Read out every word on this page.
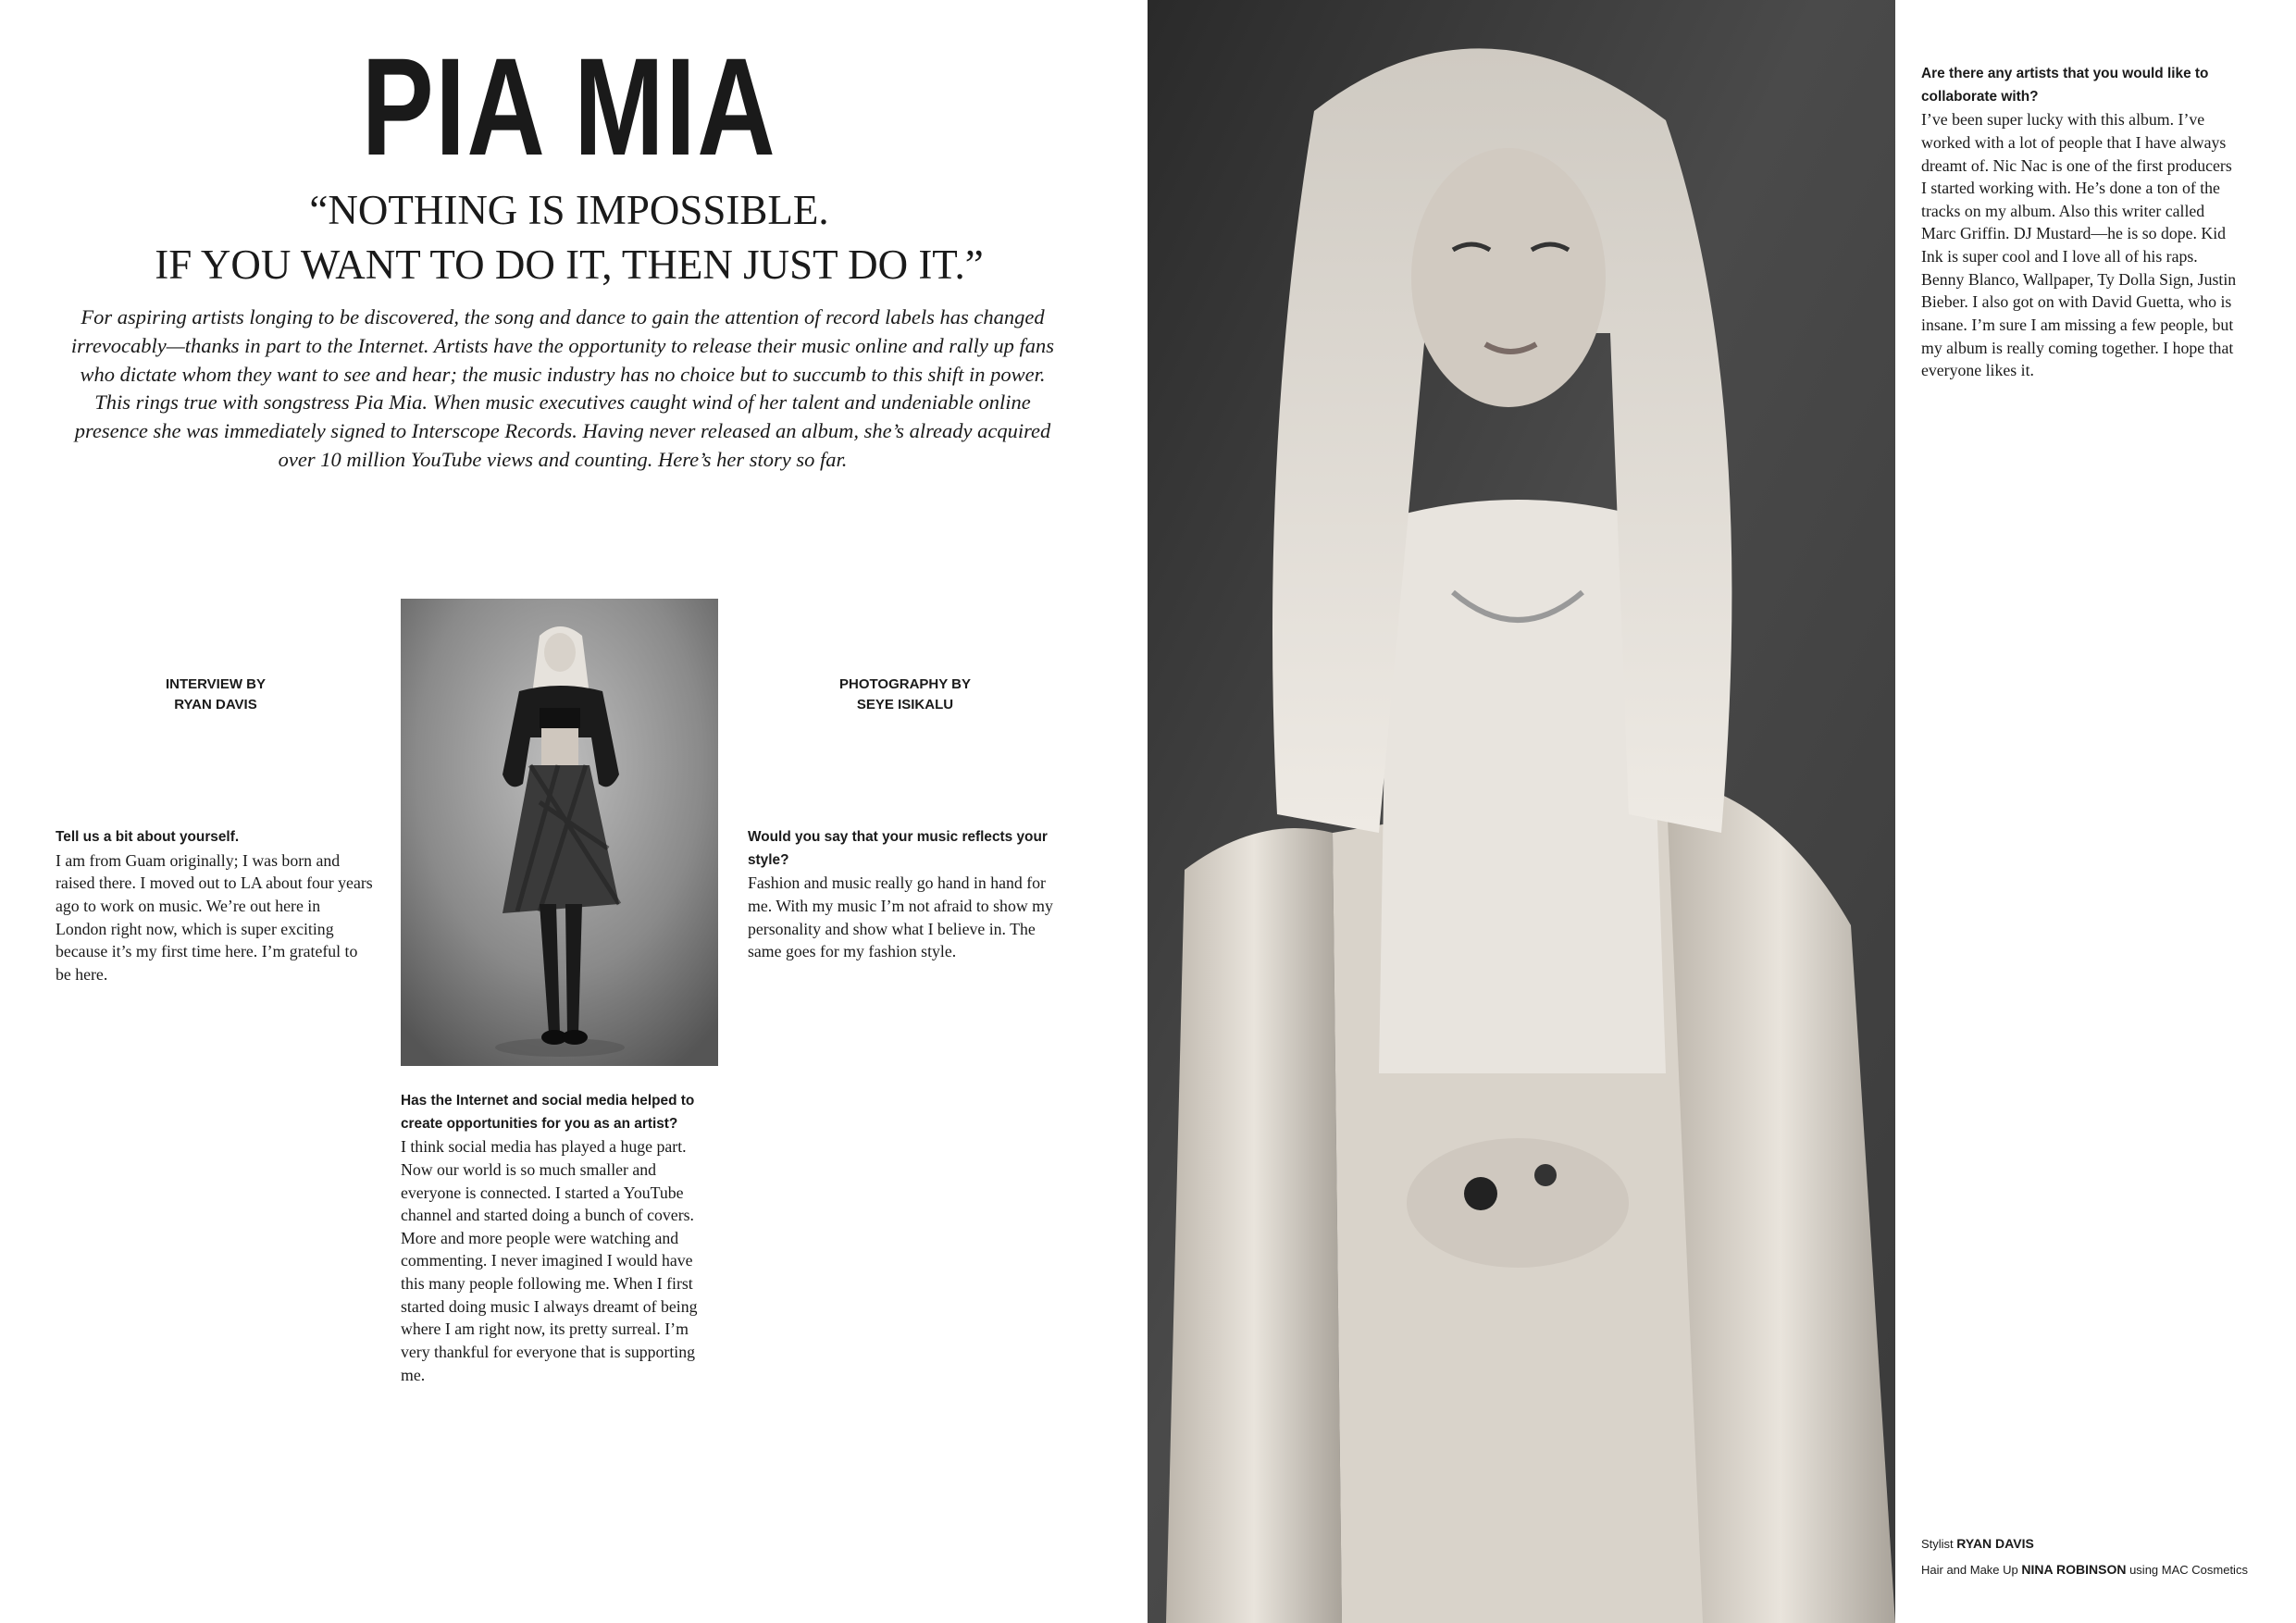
PIA MIA
“NOTHING IS IMPOSSIBLE.
IF YOU WANT TO DO IT, THEN JUST DO IT.”
For aspiring artists longing to be discovered, the song and dance to gain the attention of record labels has changed irrevocably—thanks in part to the Internet. Artists have the opportunity to release their music online and rally up fans who dictate whom they want to see and hear; the music industry has no choice but to succumb to this shift in power. This rings true with songstress Pia Mia. When music executives caught wind of her talent and undeniable online presence she was immediately signed to Interscope Records. Having never released an album, she’s already acquired over 10 million YouTube views and counting. Here’s her story so far.
INTERVIEW BY
RYAN DAVIS
PHOTOGRAPHY BY
SEYE ISIKALU
Tell us a bit about yourself.

I am from Guam originally; I was born and raised there. I moved out to LA about four years ago to work on music. We’re out here in London right now, which is super exciting because it’s my first time here. I’m grateful to be here.

Has the Internet and social media helped to create opportunities for you as an artist?

I think social media has played a huge part. Now our world is so much smaller and everyone is connected. I started a YouTube channel and started doing a bunch of covers. More and more people were watching and commenting. I never imagined I would have this many people following me. When I first started doing music I always dreamt of being where I am right now, its pretty surreal. I’m very thankful for everyone that is supporting me.

Would you say that your music reflects your style?

Fashion and music really go hand in hand for me. With my music I’m not afraid to show my personality and show what I believe in. The same goes for my fashion style.

Are there any artists that you would like to collaborate with?

I’ve been super lucky with this album. I’ve worked with a lot of people that I have always dreamt of. Nic Nac is one of the first producers I started working with. He’s done a ton of the tracks on my album. Also this writer called Marc Griffin. DJ Mustard—he is so dope. Kid Ink is super cool and I love all of his raps. Benny Blanco, Wallpaper, Ty Dolla Sign, Justin Bieber. I also got on with David Guetta, who is insane. I’m sure I am missing a few people, but my album is really coming together. I hope that everyone likes it.

Stylist RYAN DAVIS
Hair and Make Up NINA ROBINSON using MAC Cosmetics
